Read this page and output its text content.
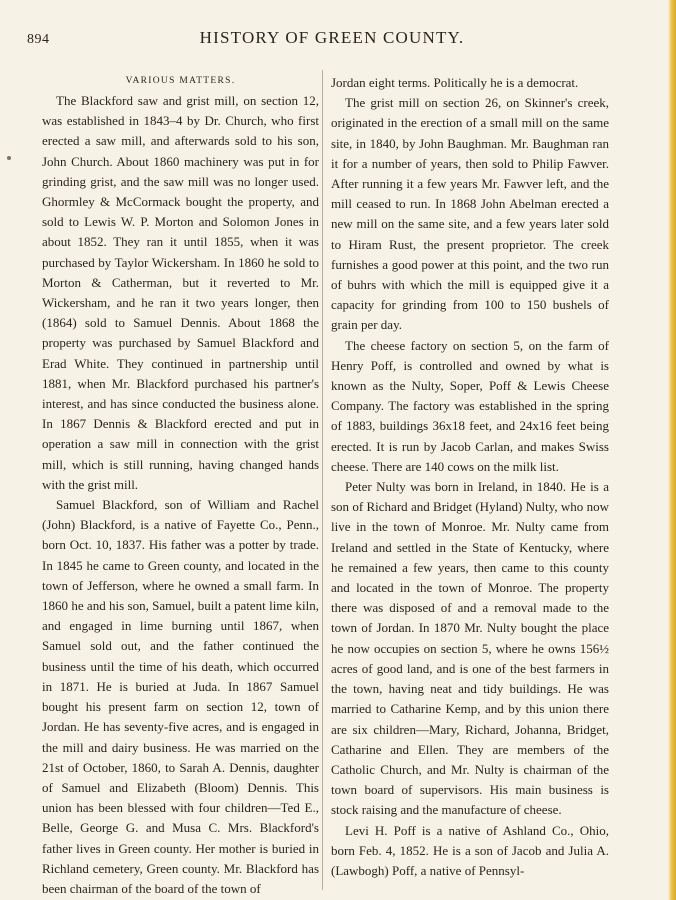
894	HISTORY OF GREEN COUNTY.
VARIOUS MATTERS.

The Blackford saw and grist mill, on section 12, was established in 1843–4 by Dr. Church, who first erected a saw mill, and afterwards sold to his son, John Church. About 1860 machinery was put in for grinding grist, and the saw mill was no longer used. Ghormley & McCormack bought the property, and sold to Lewis W. P. Morton and Solomon Jones in about 1852. They ran it until 1855, when it was purchased by Taylor Wickersham. In 1860 he sold to Morton & Catherman, but it reverted to Mr. Wickersham, and he ran it two years longer, then (1864) sold to Samuel Dennis. About 1868 the property was purchased by Samuel Blackford and Erad White. They continued in partnership until 1881, when Mr. Blackford purchased his partner's interest, and has since conducted the business alone. In 1867 Dennis & Blackford erected and put in operation a saw mill in connection with the grist mill, which is still running, having changed hands with the grist mill.

Samuel Blackford, son of William and Rachel (John) Blackford, is a native of Fayette Co., Penn., born Oct. 10, 1837. His father was a potter by trade. In 1845 he came to Green county, and located in the town of Jefferson, where he owned a small farm. In 1860 he and his son, Samuel, built a patent lime kiln, and engaged in lime burning until 1867, when Samuel sold out, and the father continued the business until the time of his death, which occurred in 1871. He is buried at Juda. In 1867 Samuel bought his present farm on section 12, town of Jordan. He has seventy-five acres, and is engaged in the mill and dairy business. He was married on the 21st of October, 1860, to Sarah A. Dennis, daughter of Samuel and Elizabeth (Bloom) Dennis. This union has been blessed with four children—Ted E., Belle, George G. and Musa C. Mrs. Blackford's father lives in Green county. Her mother is buried in Richland cemetery, Green county. Mr. Blackford has been chairman of the board of the town of

Jordan eight terms. Politically he is a democrat.

The grist mill on section 26, on Skinner's creek, originated in the erection of a small mill on the same site, in 1840, by John Baughman. Mr. Baughman ran it for a number of years, then sold to Philip Fawver. After running it a few years Mr. Fawver left, and the mill ceased to run. In 1868 John Abelman erected a new mill on the same site, and a few years later sold to Hiram Rust, the present proprietor. The creek furnishes a good power at this point, and the two run of buhrs with which the mill is equipped give it a capacity for grinding from 100 to 150 bushels of grain per day.

The cheese factory on section 5, on the farm of Henry Poff, is controlled and owned by what is known as the Nulty, Soper, Poff & Lewis Cheese Company. The factory was established in the spring of 1883, buildings 36x18 feet, and 24x16 feet being erected. It is run by Jacob Carlan, and makes Swiss cheese. There are 140 cows on the milk list.

Peter Nulty was born in Ireland, in 1840. He is a son of Richard and Bridget (Hyland) Nulty, who now live in the town of Monroe. Mr. Nulty came from Ireland and settled in the State of Kentucky, where he remained a few years, then came to this county and located in the town of Monroe. The property there was disposed of and a removal made to the town of Jordan. In 1870 Mr. Nulty bought the place he now occupies on section 5, where he owns 156½ acres of good land, and is one of the best farmers in the town, having neat and tidy buildings. He was married to Catharine Kemp, and by this union there are six children—Mary, Richard, Johanna, Bridget, Catharine and Ellen. They are members of the Catholic Church, and Mr. Nulty is chairman of the town board of supervisors. His main business is stock raising and the manufacture of cheese.

Levi H. Poff is a native of Ashland Co., Ohio, born Feb. 4, 1852. He is a son of Jacob and Julia A. (Lawbogh) Poff, a native of Pennsyl-
